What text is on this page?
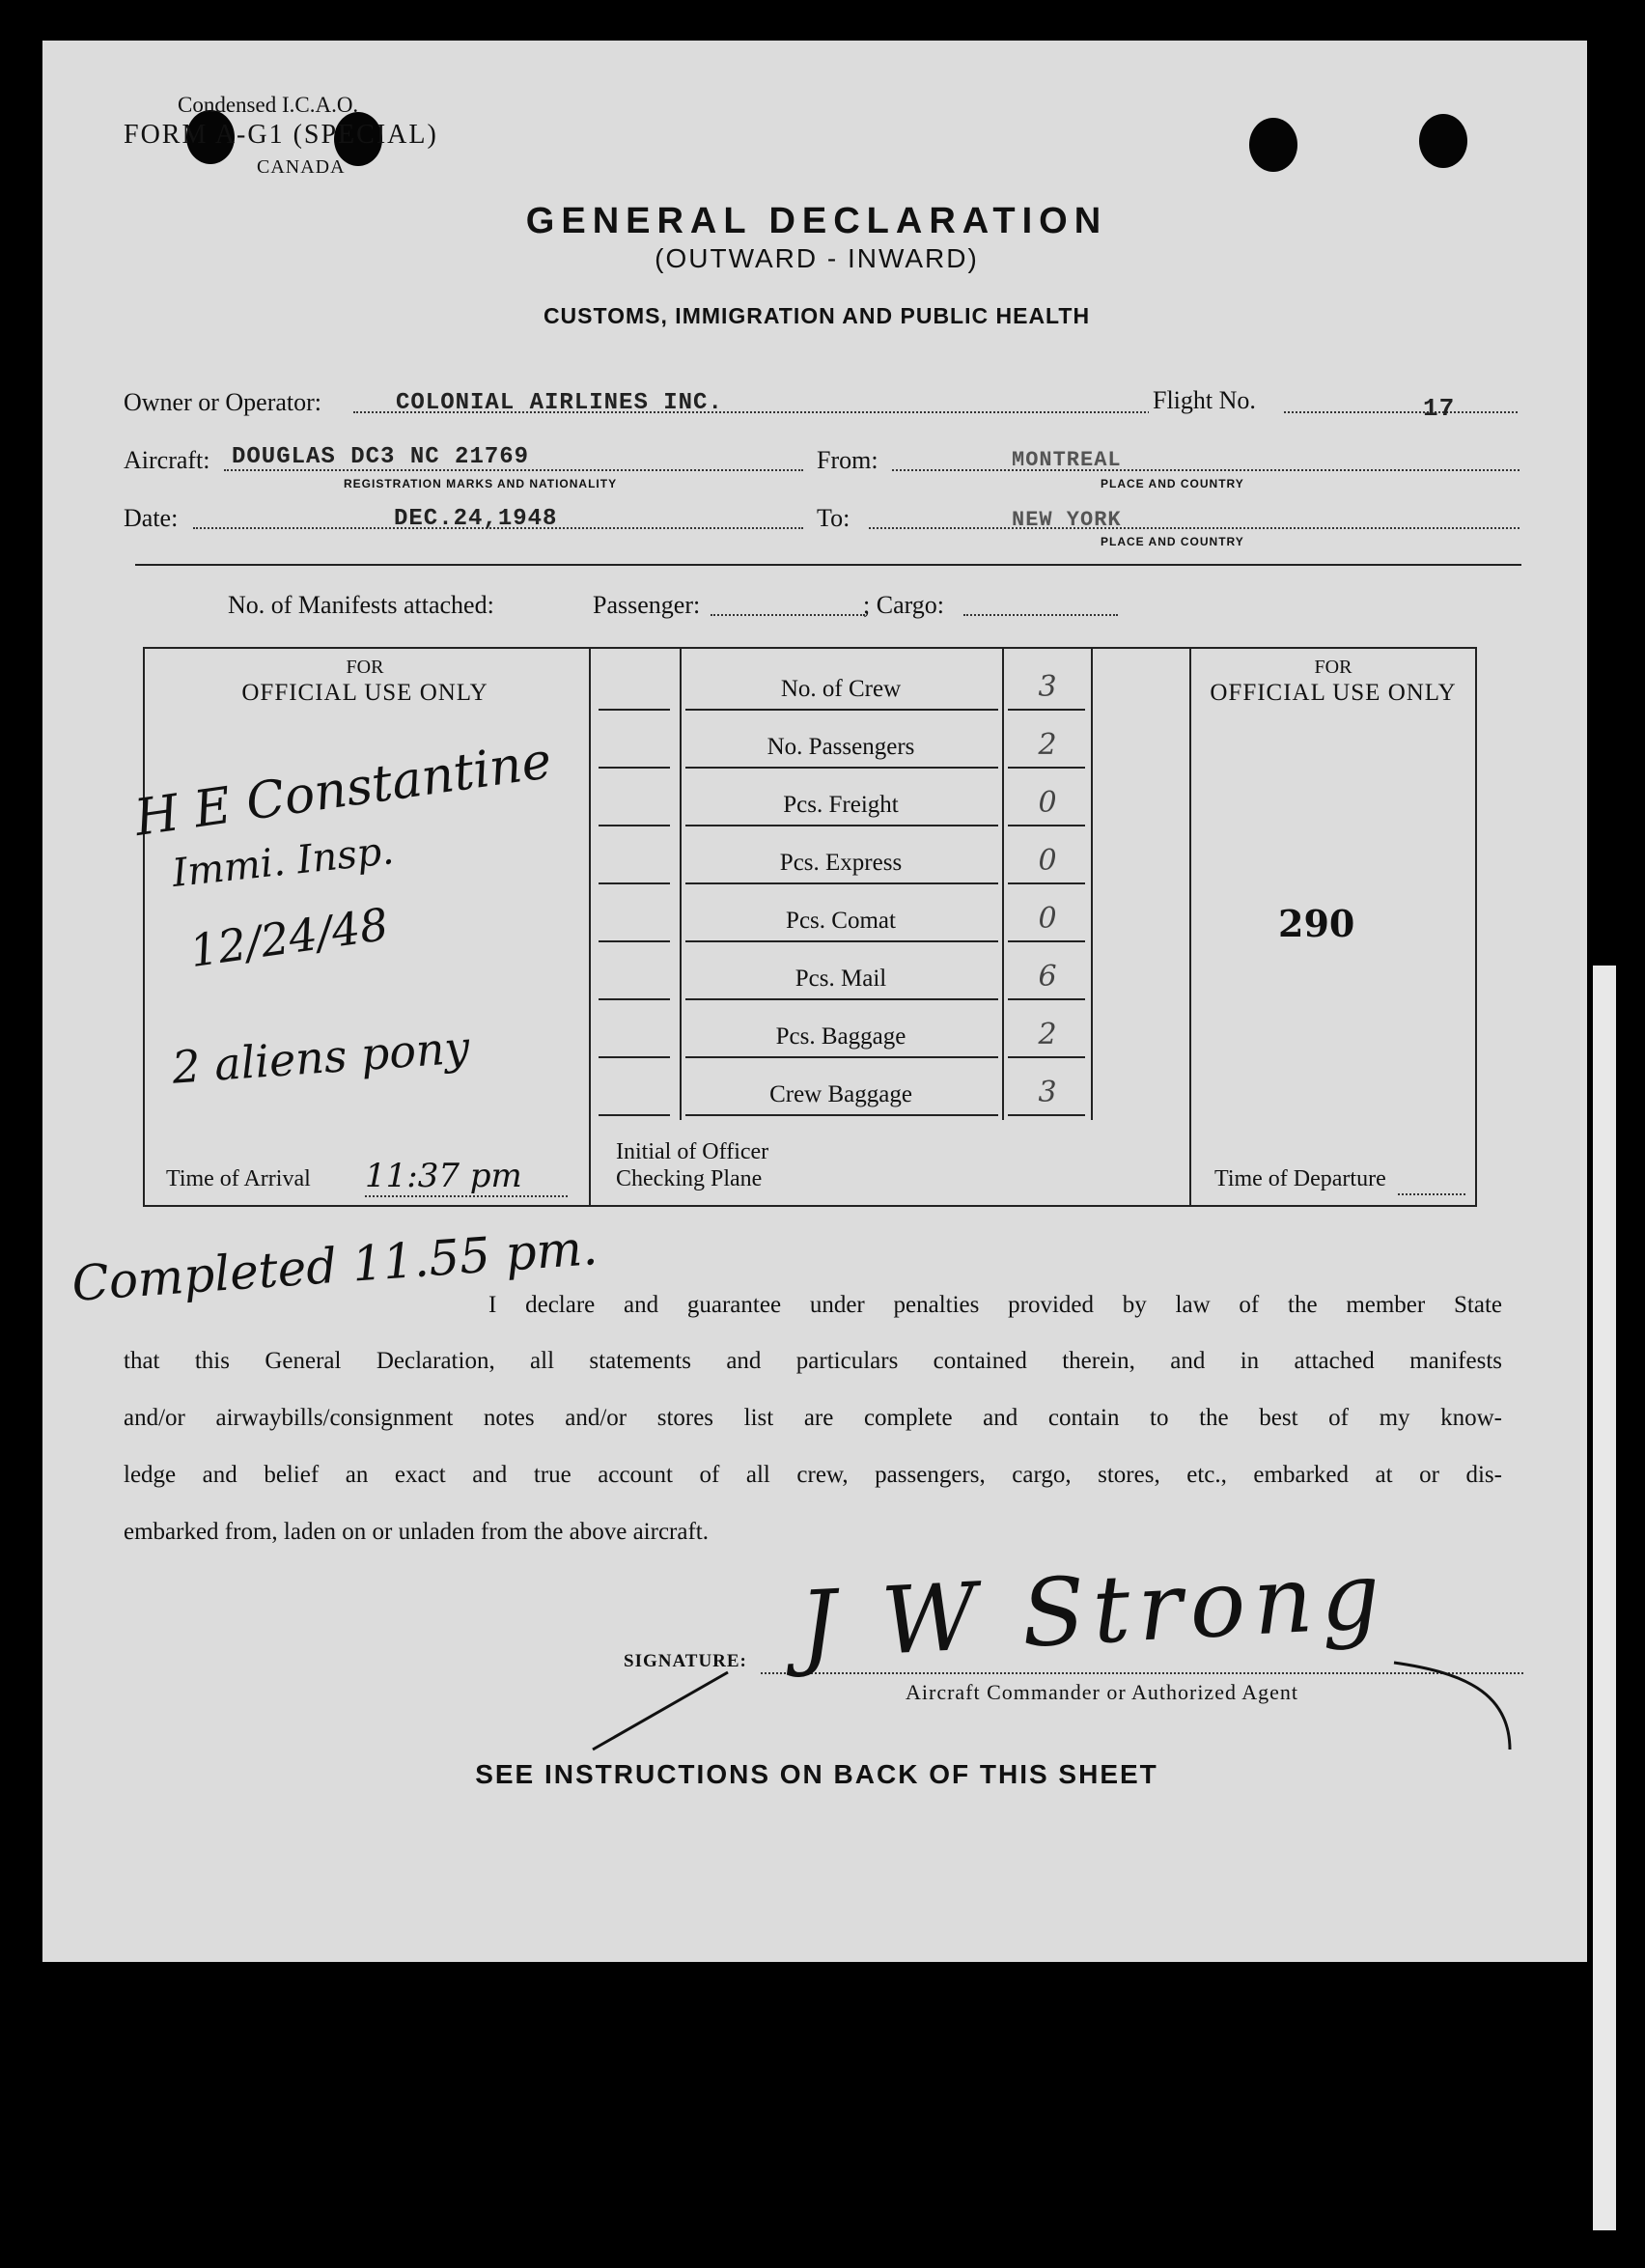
Condensed I.C.A.O.
FORM A-G1 (SPECIAL)
CANADA
GENERAL DECLARATION
(OUTWARD - INWARD)
CUSTOMS, IMMIGRATION AND PUBLIC HEALTH
Owner or Operator:	COLONIAL AIRLINES INC.	Flight No.	17
Aircraft: DOUGLAS DC3 NC 21769
REGISTRATION MARKS AND NATIONALITY
From:	MONTREAL
PLACE AND COUNTRY
Date:	DEC.24,1948	To:	NEW YORK
PLACE AND COUNTRY
No. of Manifests attached:	Passenger:	; Cargo:
FOR
OFFICIAL USE ONLY
FOR
OFFICIAL USE ONLY
No. of Crew	3
No. Passengers	2
Pcs. Freight	0
Pcs. Express	0
Pcs. Comat	0
Pcs. Mail	6
Pcs. Baggage	2
Crew Baggage	3
Initial of Officer
Checking Plane
Time of Arrival 11:37 pm	Time of Departure
290
H E Constantine
Immi. Insp.
12/24/48
2 aliens pony
Completed 11.55 pm.
I declare and guarantee under penalties provided by law of the member State
that this General Declaration, all statements and particulars contained therein, and in attached manifests
and/or airwaybills/consignment notes and/or stores list are complete and contain to the best of my know-
ledge and belief an exact and true account of all crew, passengers, cargo, stores, etc., embarked at or dis-
embarked from, laden on or unladen from the above aircraft.
SIGNATURE:
Aircraft Commander or Authorized Agent
J W Strong
SEE INSTRUCTIONS ON BACK OF THIS SHEET
